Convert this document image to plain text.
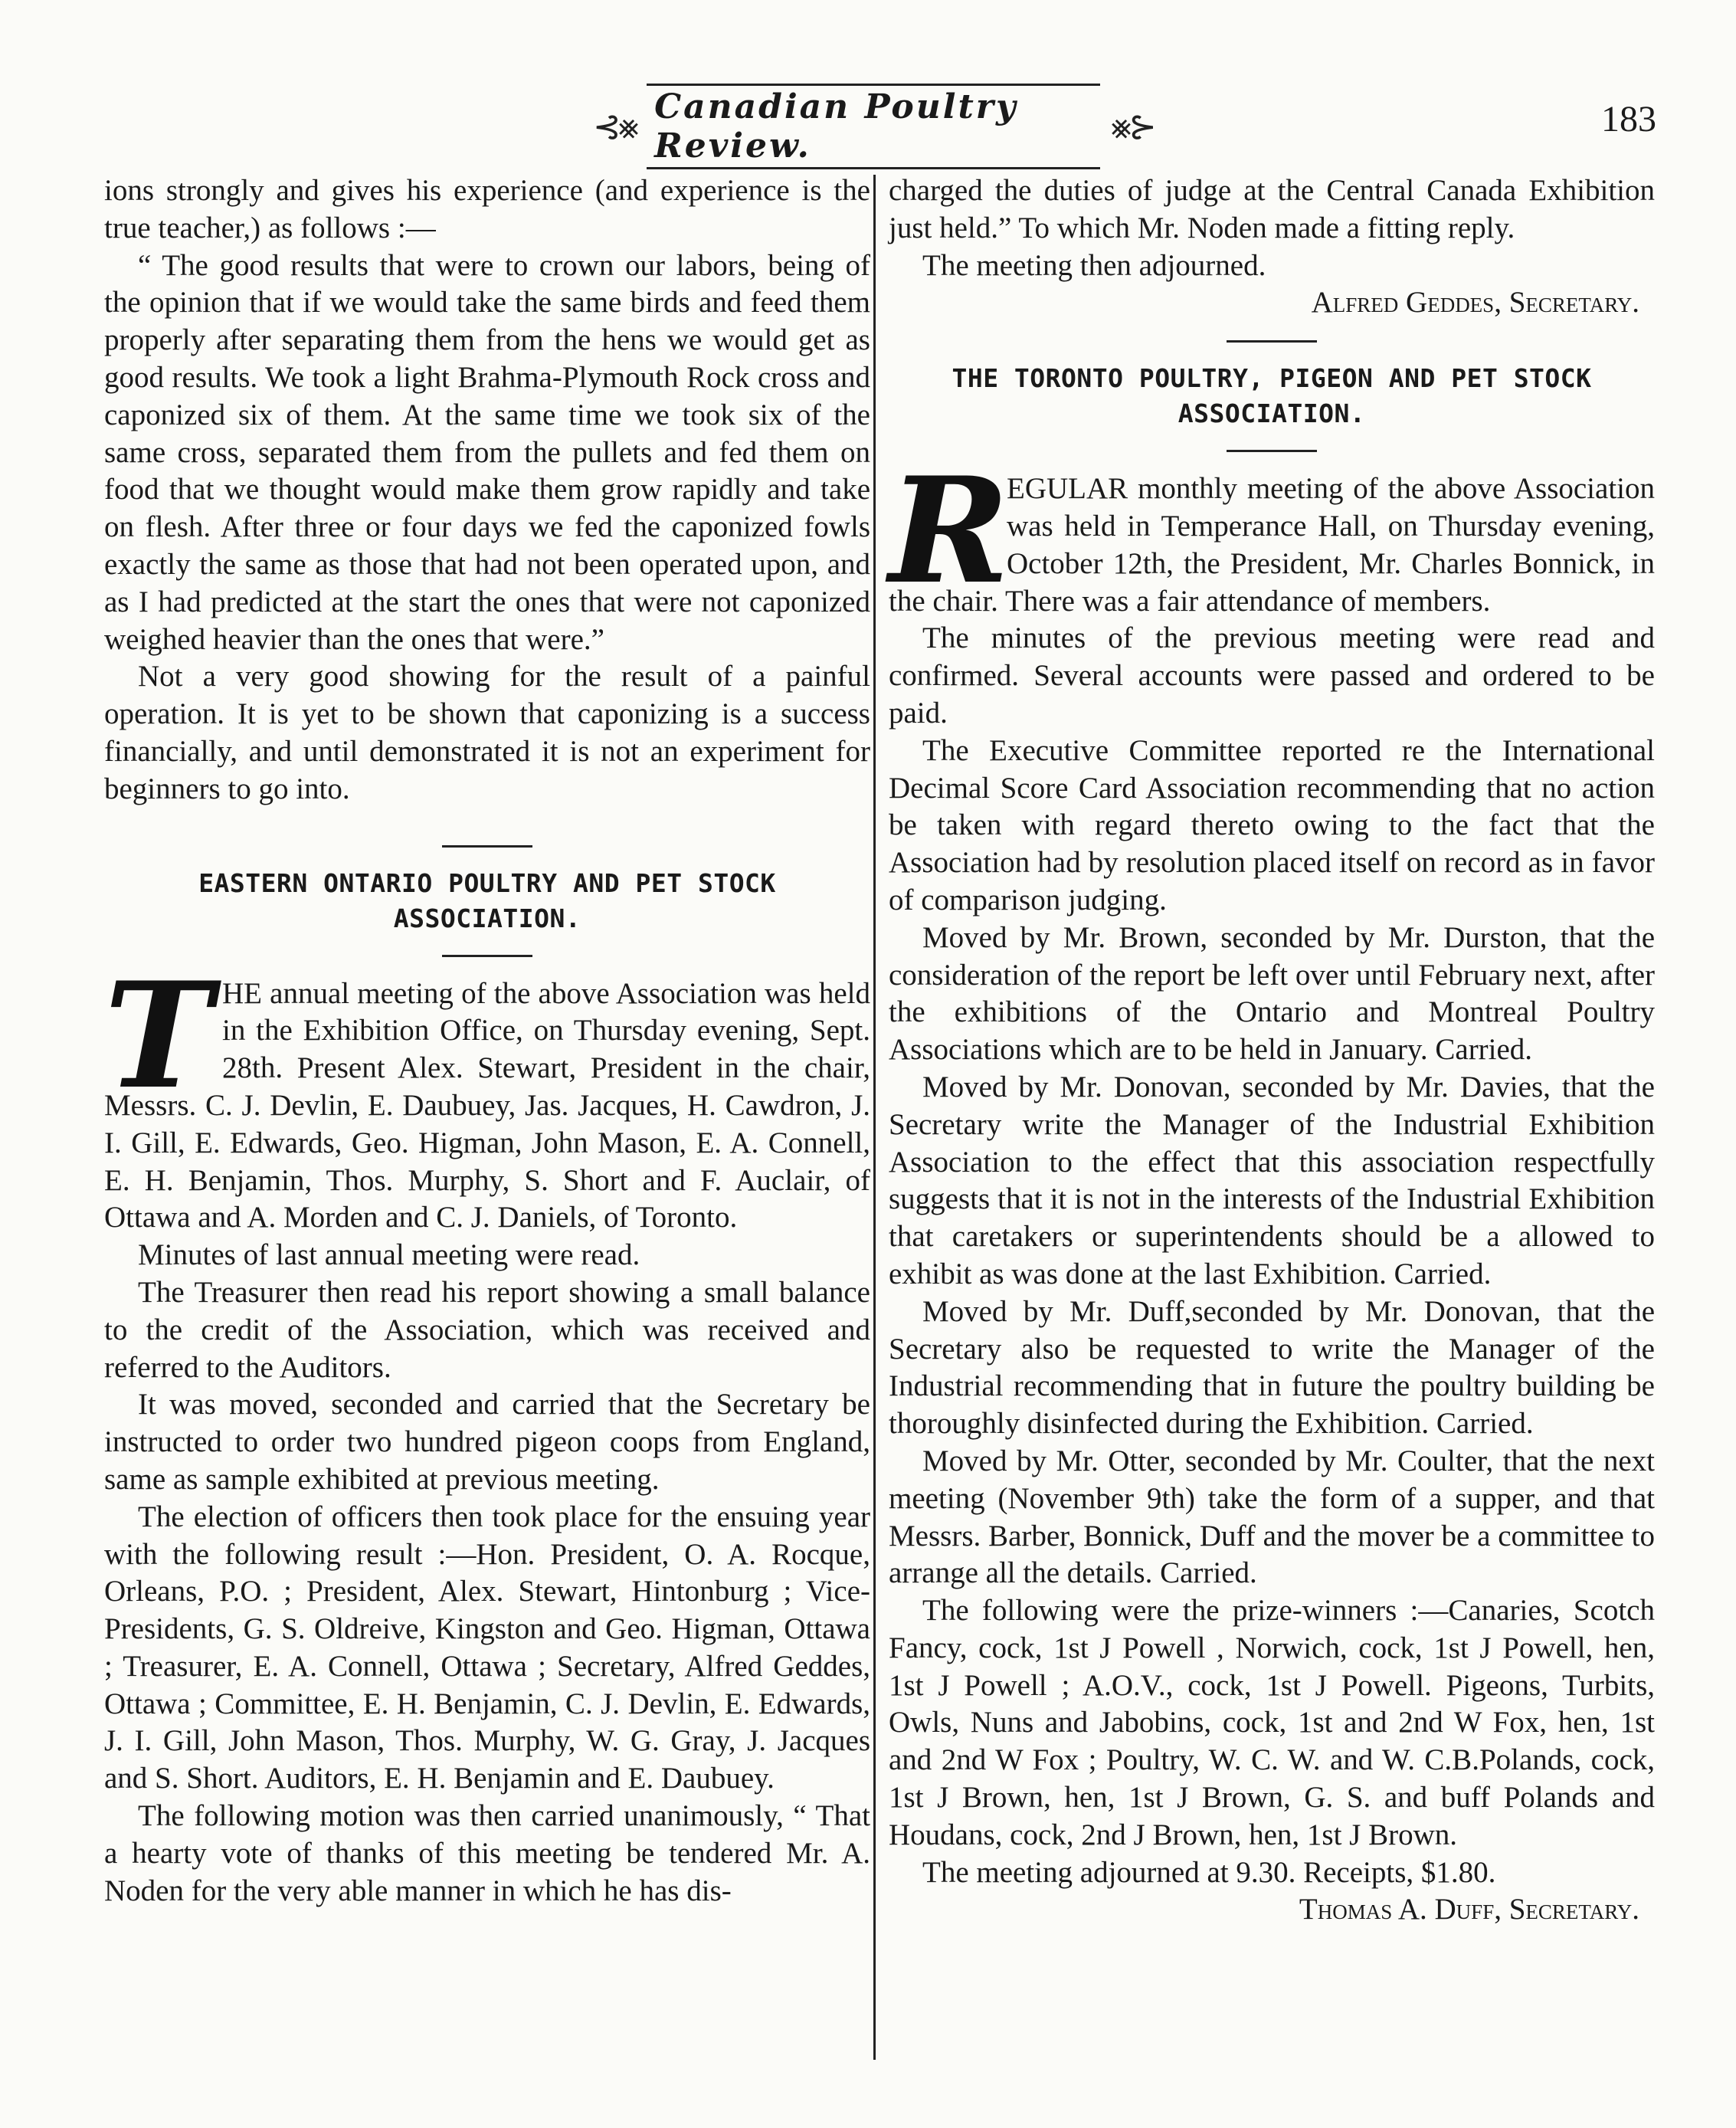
⊰⨳ Canadian Poultry Review.	⨳⊱	183

ions strongly and gives his experience (and experience is the true teacher,) as follows :—

“ The good results that were to crown our labors, being of the opinion that if we would take the same birds and feed them properly after separating them from the hens we would get as good results. We took a light Brahma-Plymouth Rock cross and caponized six of them. At the same time we took six of the same cross, separated them from the pullets and fed them on food that we thought would make them grow rapidly and take on flesh. After three or four days we fed the caponized fowls exactly the same as those that had not been operated upon, and as I had predicted at the start the ones that were not caponized weighed heavier than the ones that were.”

Not a very good showing for the result of a painful operation. It is yet to be shown that caponizing is a success financially, and until demonstrated it is not an experiment for beginners to go into.

EASTERN ONTARIO POULTRY AND PET STOCK ASSOCIATION.

T HE annual meeting of the above Association was held in the Exhibition Office, on Thursday evening, Sept. 28th. Present Alex. Stewart, President in the chair, Messrs. C. J. Devlin, E. Daubuey, Jas. Jacques, H. Cawdron, J. I. Gill, E. Edwards, Geo. Higman, John Mason, E. A. Connell, E. H. Benjamin, Thos. Murphy, S. Short and F. Auclair, of Ottawa and A. Morden and C. J. Daniels, of Toronto.

Minutes of last annual meeting were read.

The Treasurer then read his report showing a small balance to the credit of the Association, which was received and referred to the Auditors.

It was moved, seconded and carried that the Secretary be instructed to order two hundred pigeon coops from England, same as sample exhibited at previous meeting.

The election of officers then took place for the ensuing year with the following result :—Hon. President, O. A. Rocque, Orleans, P.O. ; President, Alex. Stewart, Hintonburg ; Vice-Presidents, G. S. Oldreive, Kingston and Geo. Higman, Ottawa ; Treasurer, E. A. Connell, Ottawa ; Secretary, Alfred Geddes, Ottawa ; Committee, E. H. Benjamin, C. J. Devlin, E. Edwards, J. I. Gill, John Mason, Thos. Murphy, W. G. Gray, J. Jacques and S. Short. Auditors, E. H. Benjamin and E. Daubuey.

The following motion was then carried unanimously, “ That a hearty vote of thanks of this meeting be tendered Mr. A. Noden for the very able manner in which he has dis-

charged the duties of judge at the Central Canada Exhibition just held.” To which Mr. Noden made a fitting reply.

The meeting then adjourned.

Alfred Geddes, Secretary.

THE TORONTO POULTRY, PIGEON AND PET STOCK ASSOCIATION.

R
EGULAR monthly meeting of the above Association was held in Temperance Hall, on Thursday evening, October 12th, the President, Mr. Charles Bonnick, in the chair. There was a fair attendance of members.

The minutes of the previous meeting were read and confirmed. Several accounts were passed and ordered to be paid.

The Executive Committee reported re the International Decimal Score Card Association recommending that no action be taken with regard thereto owing to the fact that the Association had by resolution placed itself on record as in favor of comparison judging.

Moved by Mr. Brown, seconded by Mr. Durston, that the consideration of the report be left over until February next, after the exhibitions of the Ontario and Montreal Poultry Associations which are to be held in January. Carried.

Moved by Mr. Donovan, seconded by Mr. Davies, that the Secretary write the Manager of the Industrial Exhibition Association to the effect that this association respectfully suggests that it is not in the interests of the Industrial Exhibition that caretakers or superintendents should be a allowed to exhibit as was done at the last Exhibition. Carried.

Moved by Mr. Duff,seconded by Mr. Donovan, that the Secretary also be requested to write the Manager of the Industrial recommending that in future the poultry building be thoroughly disinfected during the Exhibition. Carried.

Moved by Mr. Otter, seconded by Mr. Coulter, that the next meeting (November 9th) take the form of a supper, and that Messrs. Barber, Bonnick, Duff and the mover be a committee to arrange all the details. Carried.

The following were the prize-winners :—Canaries, Scotch Fancy, cock, 1st J Powell , Norwich, cock, 1st J Powell, hen, 1st J Powell ; A.O.V., cock, 1st J Powell. Pigeons, Turbits, Owls, Nuns and Jabobins, cock, 1st and 2nd W Fox, hen, 1st and 2nd W Fox ; Poultry, W. C. W. and W. C.B.Polands, cock, 1st J Brown, hen, 1st J Brown, G. S. and buff Polands and Houdans, cock, 2nd J Brown, hen, 1st J Brown.

The meeting adjourned at 9.30. Receipts, $1.80.

Thomas A. Duff, Secretary.
